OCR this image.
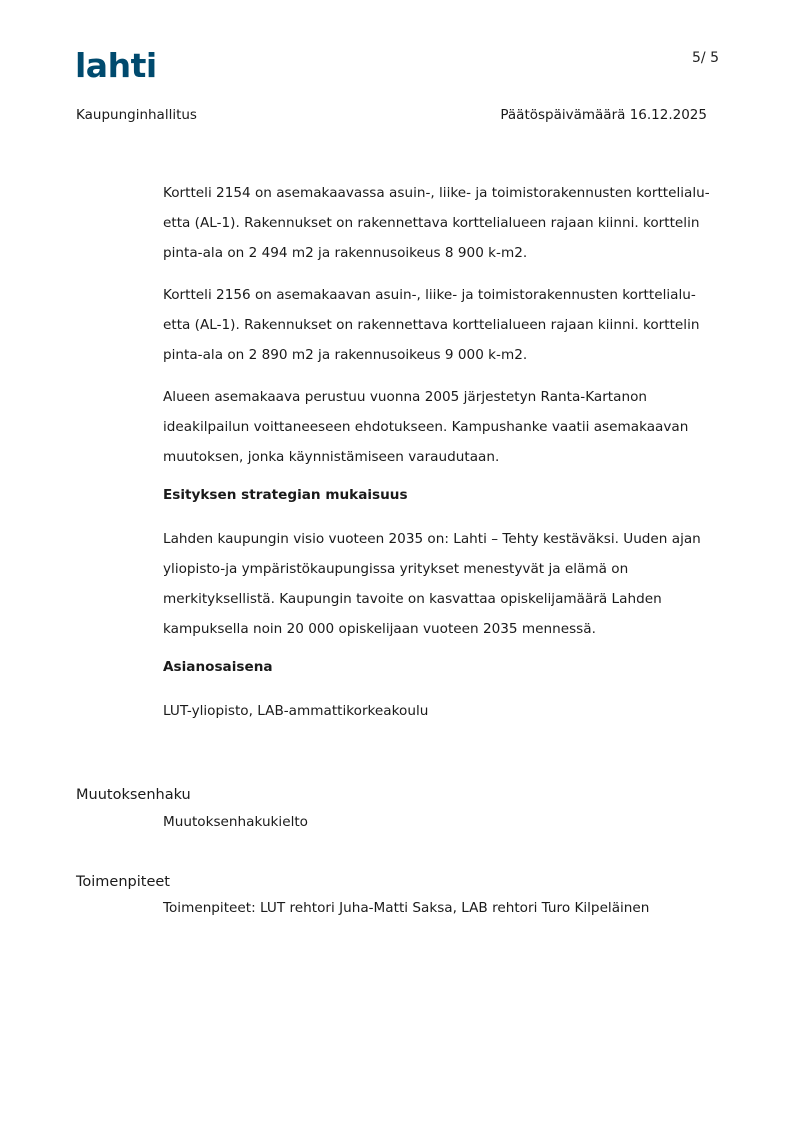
lahti	5/ 5
Kaupunginhallitus	Päätöspäivämäärä 16.12.2025

Kortteli 2154 on asemakaavassa asuin-, liike- ja toimistorakennusten korttelialu-etta (AL-1). Rakennukset on rakennettava korttelialueen rajaan kiinni. korttelin pinta-ala on 2 494 m2 ja rakennusoikeus 8 900 k-m2.

Kortteli 2156 on asemakaavan asuin-, liike- ja toimistorakennusten korttelialu-etta (AL-1). Rakennukset on rakennettava korttelialueen rajaan kiinni. korttelin pinta-ala on 2 890 m2 ja rakennusoikeus 9 000 k-m2.

Alueen asemakaava perustuu vuonna 2005 järjestetyn Ranta-Kartanon ideakilpailun voittaneeseen ehdotukseen. Kampushanke vaatii asemakaavan muutoksen, jonka käynnistämiseen varaudutaan.

Esityksen strategian mukaisuus

Lahden kaupungin visio vuoteen 2035 on: Lahti – Tehty kestäväksi. Uuden ajan yliopisto-ja ympäristökaupungissa yritykset menestyvät ja elämä on merkityksellistä. Kaupungin tavoite on kasvattaa opiskelijamäärä Lahden kampuksella noin 20 000 opiskelijaan vuoteen 2035 mennessä.

Asianosaisena

LUT-yliopisto, LAB-ammattikorkeakoulu

Muutoksenhaku
Muutoksenhakukielto
Toimenpiteet
Toimenpiteet: LUT rehtori Juha-Matti Saksa, LAB rehtori Turo Kilpeläinen
